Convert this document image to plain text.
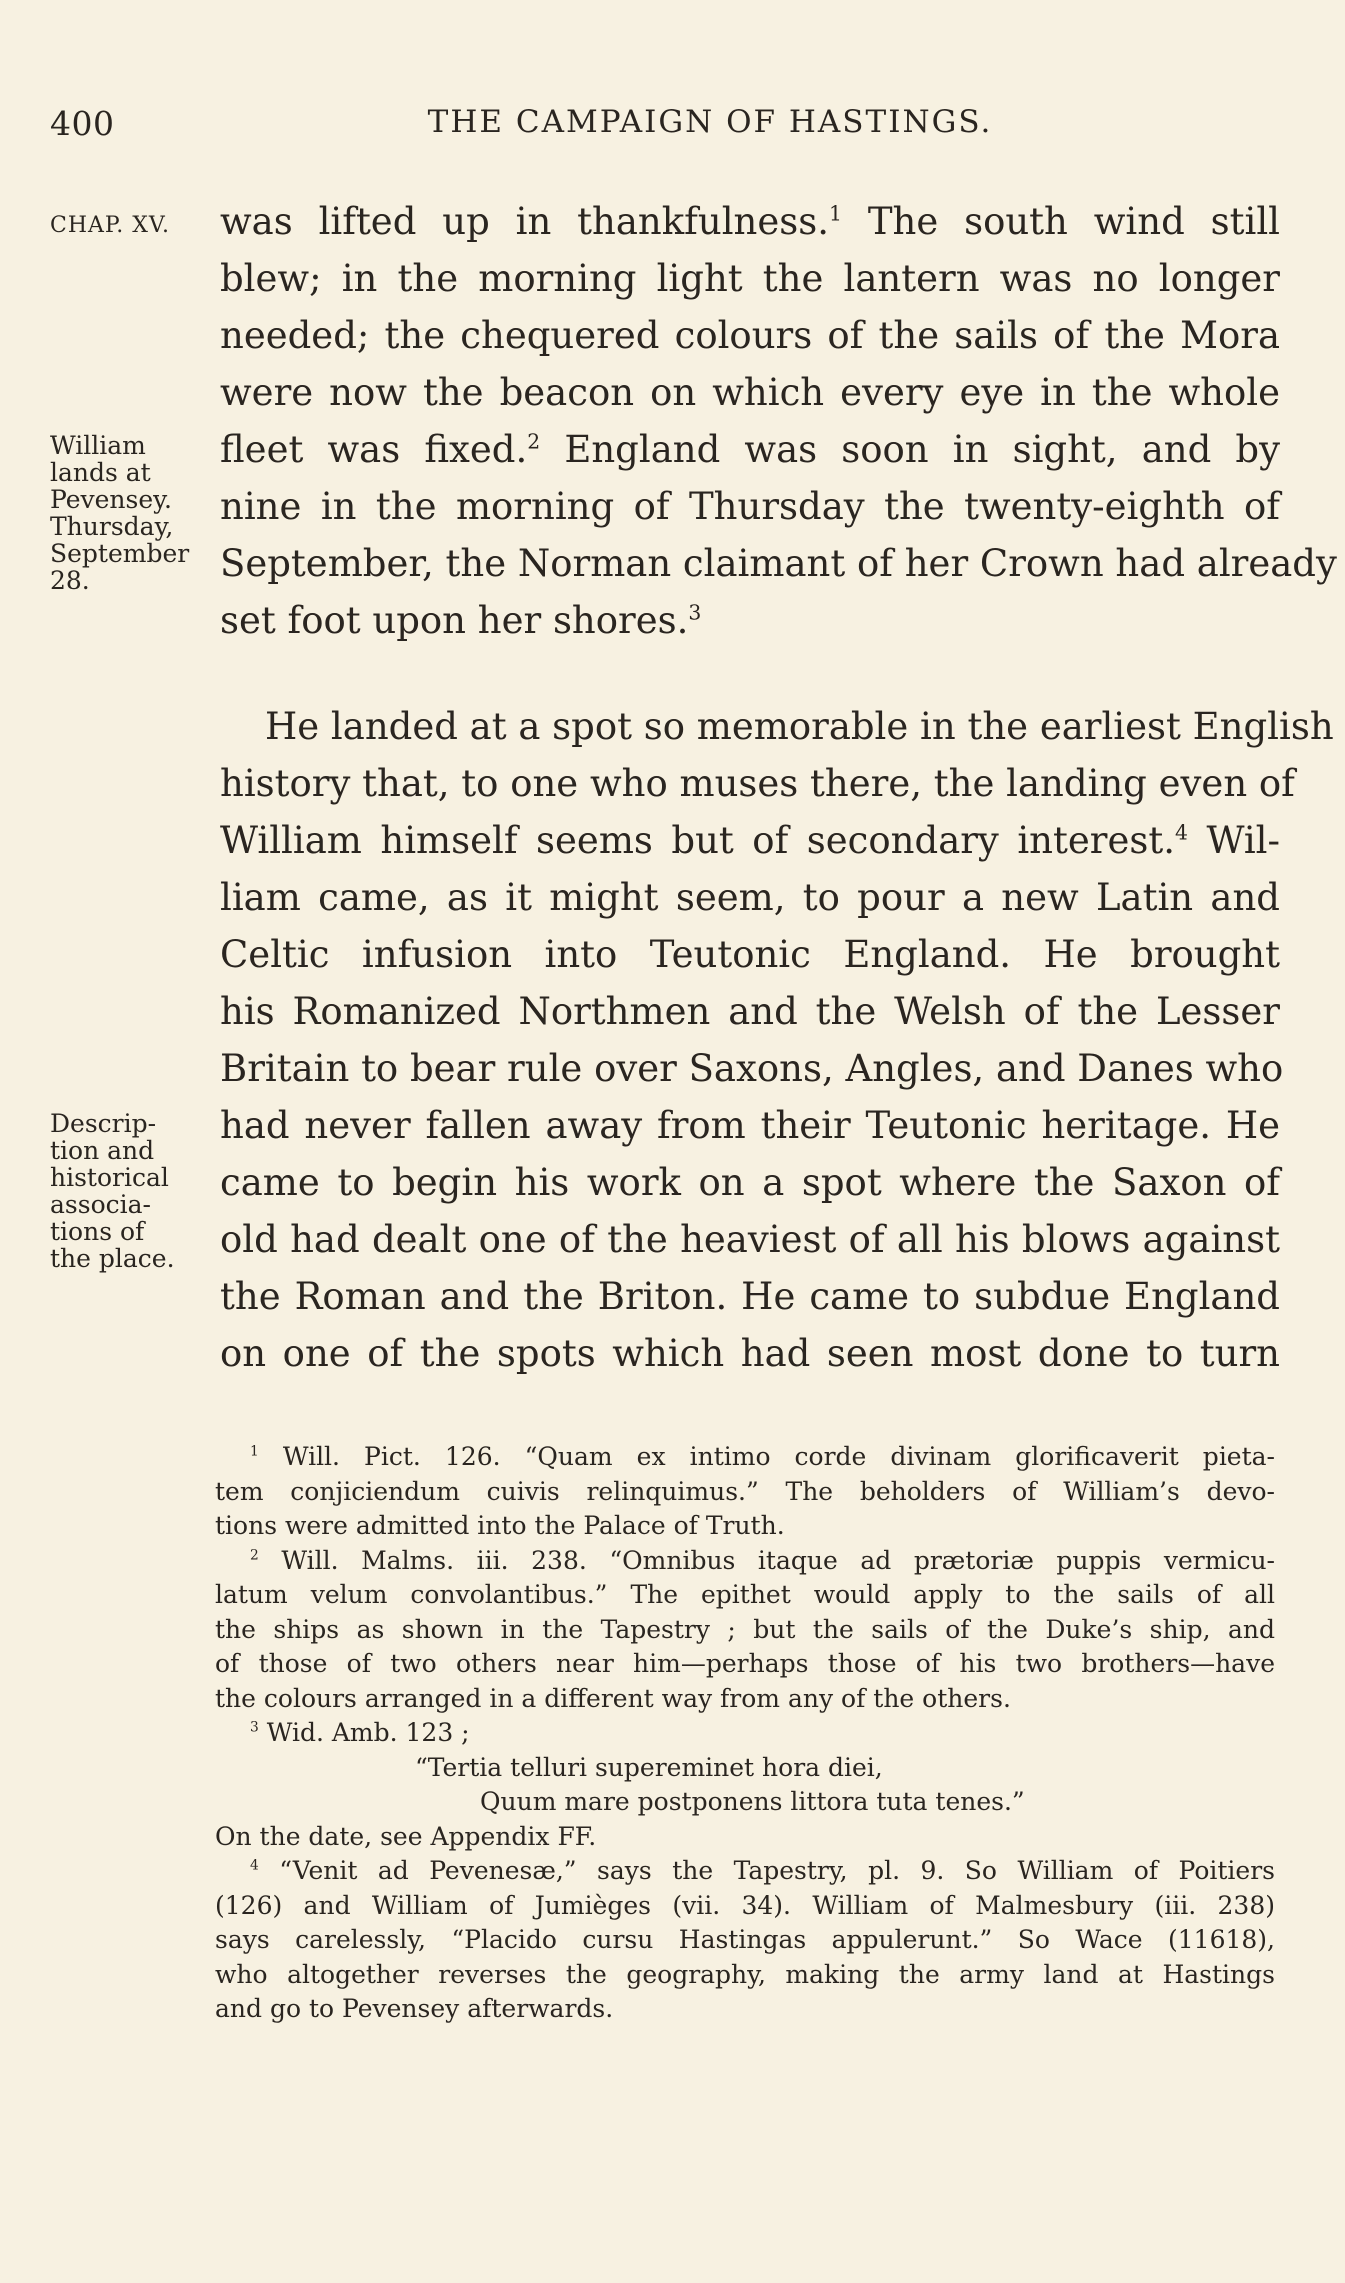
400	THE CAMPAIGN OF HASTINGS.
CHAP. XV.
William
lands at
Pevensey.
Thursday,
September
28.
Descrip-
tion and
historical
associa-
tions of
the place.
was lifted up in thankfulness.$^1$ The south wind still
blew; in the morning light the lantern was no longer
needed; the chequered colours of the sails of the Mora
were now the beacon on which every eye in the whole
fleet was fixed.$^2$ England was soon in sight, and by
nine in the morning of Thursday the twenty-eighth of
September, the Norman claimant of her Crown had already
set foot upon her shores.$^3$
He landed at a spot so memorable in the earliest English
history that, to one who muses there, the landing even of
William himself seems but of secondary interest.$^4$ Wil-
liam came, as it might seem, to pour a new Latin and
Celtic infusion into Teutonic England. He brought
his Romanized Northmen and the Welsh of the Lesser
Britain to bear rule over Saxons, Angles, and Danes who
had never fallen away from their Teutonic heritage. He
came to begin his work on a spot where the Saxon of
old had dealt one of the heaviest of all his blows against
the Roman and the Briton. He came to subdue England
on one of the spots which had seen most done to turn
$^1$ Will. Pict. 126. “Quam ex intimo corde divinam glorificaverit pieta-
tem conjiciendum cuivis relinquimus.” The beholders of William’s devo-
tions were admitted into the Palace of Truth.
$^2$ Will. Malms. iii. 238. “Omnibus itaque ad prætoriæ puppis vermicu-
latum velum convolantibus.” The epithet would apply to the sails of all
the ships as shown in the Tapestry ; but the sails of the Duke’s ship, and
of those of two others near him—perhaps those of his two brothers—have
the colours arranged in a different way from any of the others.
$^3$ Wid. Amb. 123 ;
“Tertia telluri supereminet hora diei,
Quum mare postponens littora tuta tenes.”
On the date, see Appendix FF.
$^4$ “Venit ad Pevenesæ,” says the Tapestry, pl. 9. So William of Poitiers
(126) and William of Jumièges (vii. 34). William of Malmesbury (iii. 238)
says carelessly, “Placido cursu Hastingas appulerunt.” So Wace (11618),
who altogether reverses the geography, making the army land at Hastings
and go to Pevensey afterwards.
